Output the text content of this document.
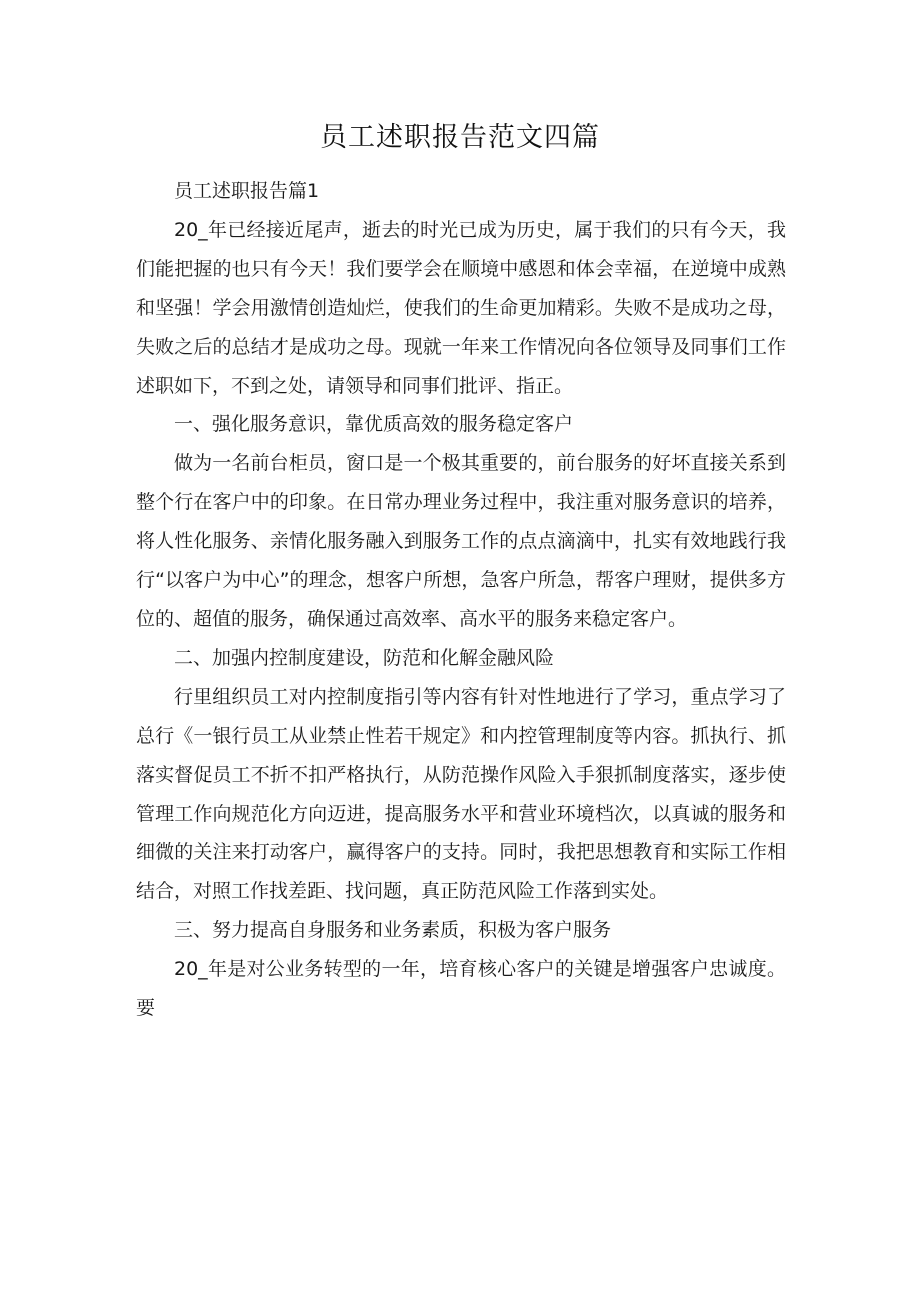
员工述职报告范文四篇

员工述职报告篇1

20_年已经接近尾声，逝去的时光已成为历史，属于我们的只有今天，我们能把握的也只有今天！我们要学会在顺境中感恩和体会幸福，在逆境中成熟和坚强！学会用激情创造灿烂，使我们的生命更加精彩。失败不是成功之母，失败之后的总结才是成功之母。现就一年来工作情况向各位领导及同事们工作述职如下，不到之处，请领导和同事们批评、指正。

一、强化服务意识，靠优质高效的服务稳定客户

做为一名前台柜员，窗口是一个极其重要的，前台服务的好坏直接关系到整个行在客户中的印象。在日常办理业务过程中，我注重对服务意识的培养，将人性化服务、亲情化服务融入到服务工作的点点滴滴中，扎实有效地践行我行“以客户为中心”的理念，想客户所想，急客户所急，帮客户理财，提供多方位的、超值的服务，确保通过高效率、高水平的服务来稳定客户。

二、加强内控制度建设，防范和化解金融风险

行里组织员工对内控制度指引等内容有针对性地进行了学习，重点学习了总行《一银行员工从业禁止性若干规定》和内控管理制度等内容。抓执行、抓落实督促员工不折不扣严格执行，从防范操作风险入手狠抓制度落实，逐步使管理工作向规范化方向迈进，提高服务水平和营业环境档次，以真诚的服务和细微的关注来打动客户，赢得客户的支持。同时，我把思想教育和实际工作相结合，对照工作找差距、找问题，真正防范风险工作落到实处。

三、努力提高自身服务和业务素质，积极为客户服务

20_年是对公业务转型的一年，培育核心客户的关键是增强客户忠诚度。要
